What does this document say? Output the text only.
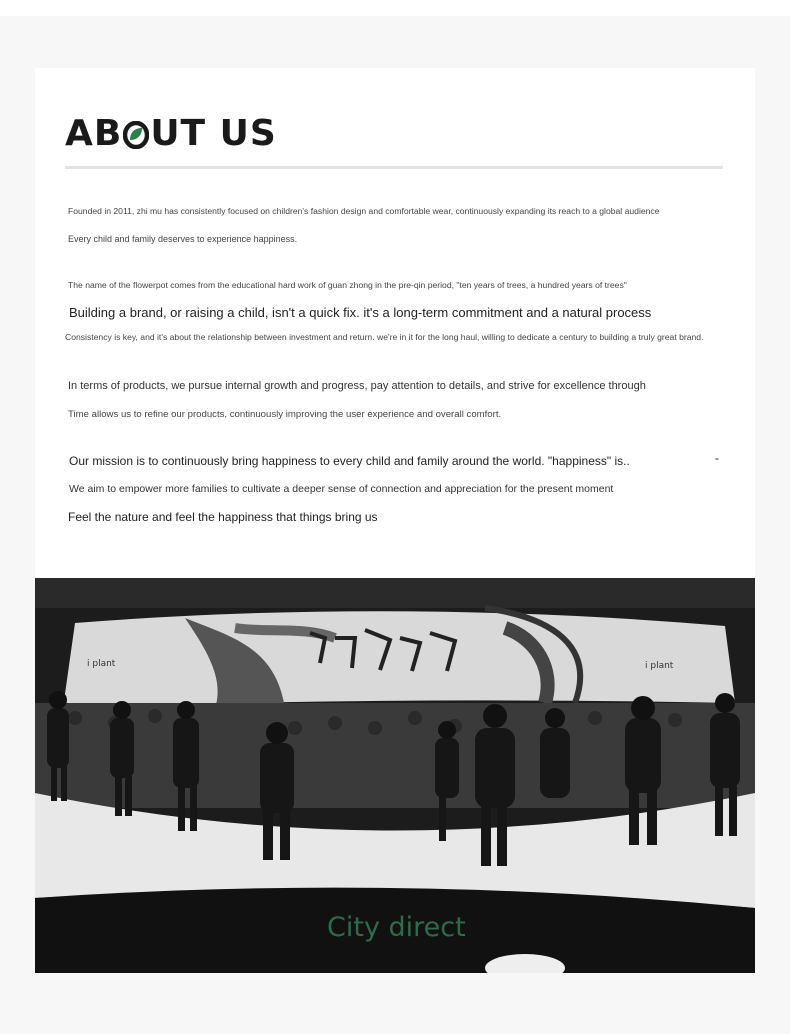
AB UT US
Founded in 2011, zhi mu has consistently focused on children's fashion design and comfortable wear, continuously expanding its reach to a global audience
Every child and family deserves to experience happiness.
The name of the flowerpot comes from the educational hard work of guan zhong in the pre-qin period, "ten years of trees, a hundred years of trees"
Building a brand, or raising a child, isn't a quick fix. it's a long-term commitment and a natural process
Consistency is key, and it's about the relationship between investment and return. we're in it for the long haul, willing to dedicate a century to building a truly great brand.
In terms of products, we pursue internal growth and progress, pay attention to details, and strive for excellence through
Time allows us to refine our products, continuously improving the user experience and overall comfort.
Our mission is to continuously bring happiness to every child and family around the world. "happiness" is..	-
We aim to empower more families to cultivate a deeper sense of connection and appreciation for the present moment
Feel the nature and feel the happiness that things bring us
i plant	i plant
City direct
